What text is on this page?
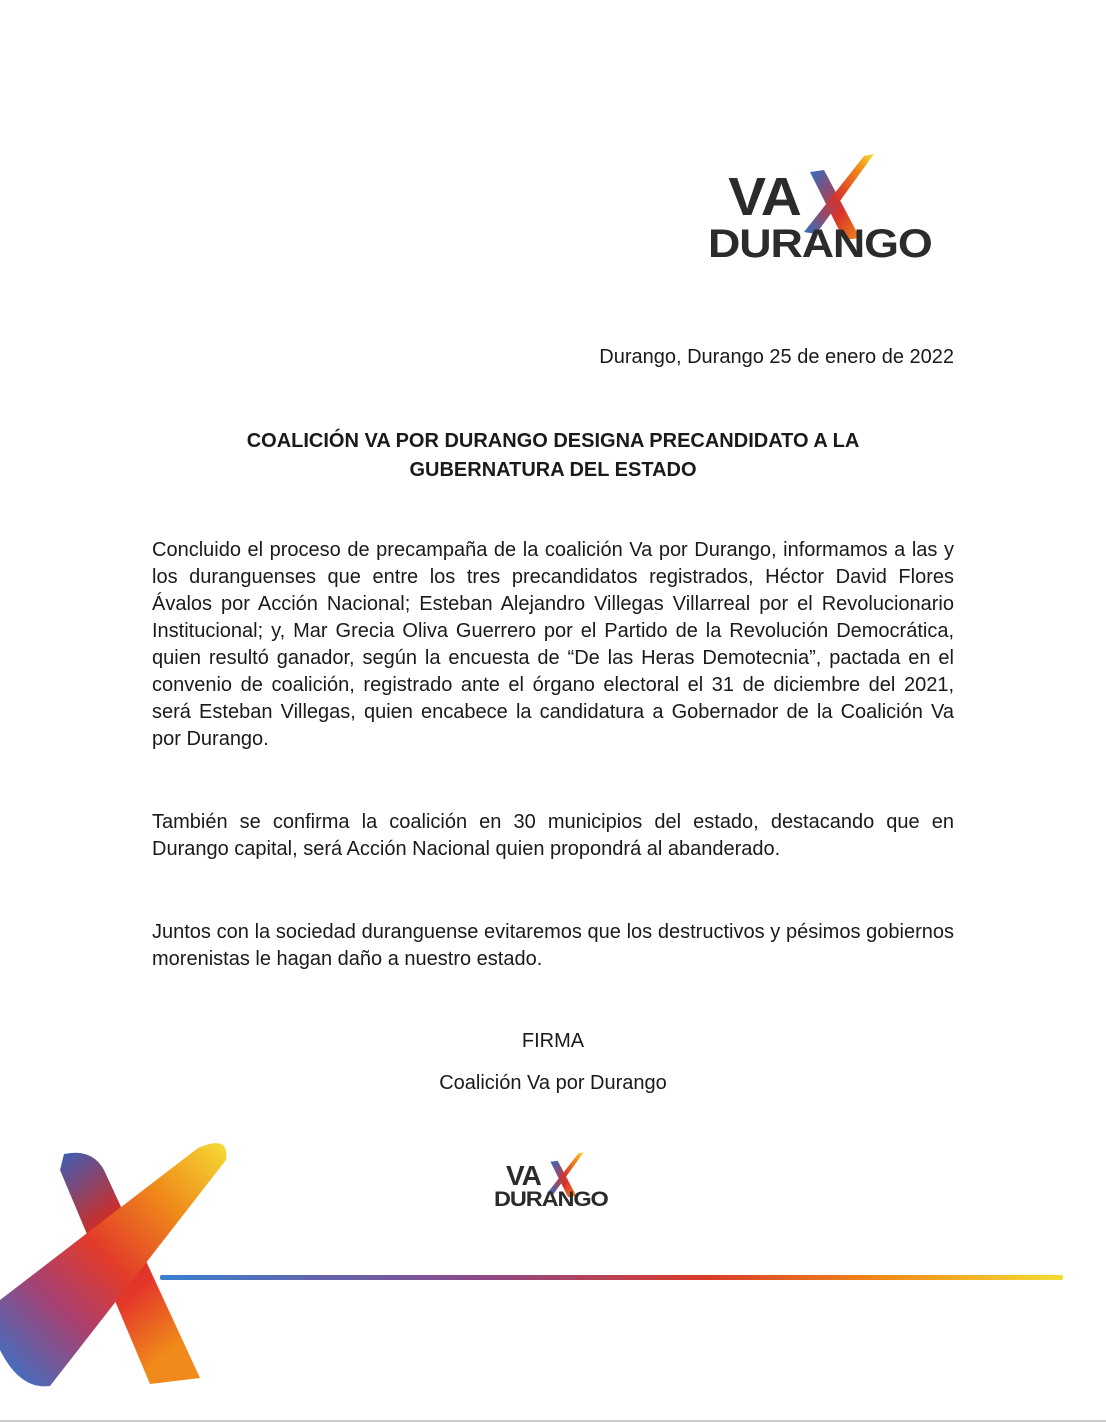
VA
DURANGO
Durango, Durango 25 de enero de 2022
COALICIÓN VA POR DURANGO DESIGNA PRECANDIDATO A LA
GUBERNATURA DEL ESTADO

Concluido el proceso de precampaña de la coalición Va por Durango, informamos a las y los duranguenses que entre los tres precandidatos registrados, Héctor David Flores Ávalos por Acción Nacional; Esteban Alejandro Villegas Villarreal por el Revolucionario Institucional; y, Mar Grecia Oliva Guerrero por el Partido de la Revolución Democrática, quien resultó ganador, según la encuesta de “De las Heras Demotecnia”, pactada en el convenio de coalición, registrado ante el órgano electoral el 31 de diciembre del 2021, será Esteban Villegas, quien encabece la candidatura a Gobernador de la Coalición Va por Durango.

También se confirma la coalición en 30 municipios del estado, destacando que en Durango capital, será Acción Nacional quien propondrá al abanderado.

Juntos con la sociedad duranguense evitaremos que los destructivos y pésimos gobiernos morenistas le hagan daño a nuestro estado.

FIRMA
Coalición Va por Durango
VA
DURANGO
